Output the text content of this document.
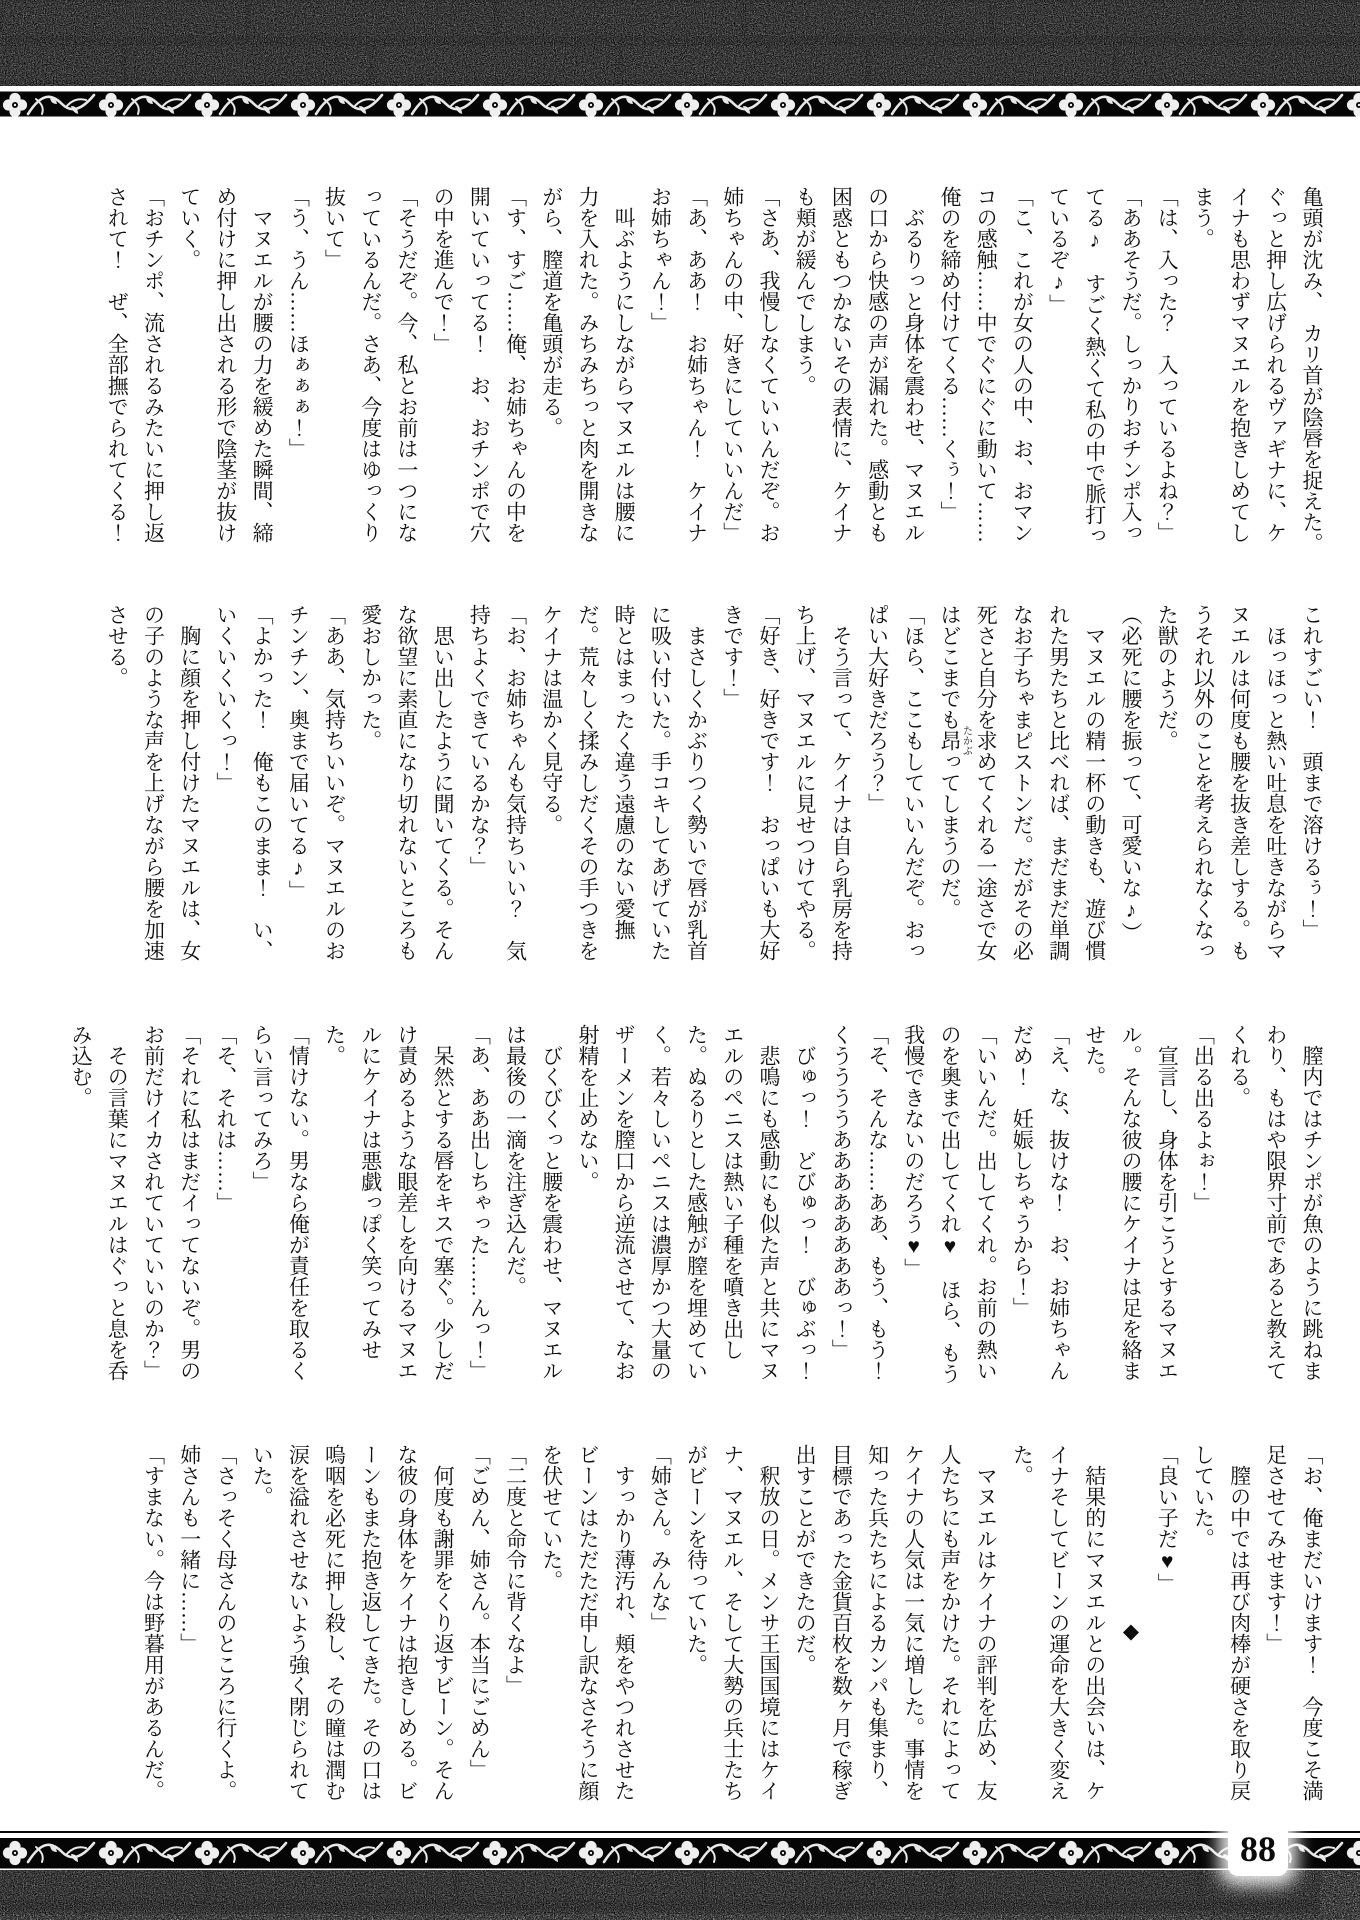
亀頭が沈み、　カリ首が陰唇を捉えた。ぐっと押し広げられるヴァギナに、ケイナも思わずマヌエルを抱きしめてしまう。

「は、入った？　入っているよね？」

「ああそうだ。しっかりおチンポ入ってる♪　すごく熱くて私の中で脈打っているぞ♪」

「こ、これが女の人の中、お、おマンコの感触……中でぐにぐに動いて……俺のを締め付けてくる……くぅ！」

　ぶるりっと身体を震わせ、マヌエルの口から快感の声が漏れた。感動とも困惑ともつかないその表情に、ケイナも頬が緩んでしまう。

「さあ、我慢しなくていいんだぞ。お姉ちゃんの中、好きにしていいんだ」

「あ、ああ！　お姉ちゃん！　ケイナお姉ちゃん！」

　叫ぶようにしながらマヌエルは腰に力を入れた。みちみちっと肉を開きながら、膣道を亀頭が走る。

「す、すご……俺、お姉ちゃんの中を開いていってる！　お、おチンポで穴の中を進んで！」

「そうだぞ。今、私とお前は一つになっているんだ。さあ、今度はゆっくり抜いて」

「う、うん……ほぁぁぁ！」

　マヌエルが腰の力を緩めた瞬間、締め付けに押し出される形で陰茎が抜けていく。

「おチンポ、流されるみたいに押し返されて！　ぜ、全部撫でられてくる！

これすごい！　頭まで溶けるぅ！」

　ほっほっと熱い吐息を吐きながらマヌエルは何度も腰を抜き差しする。もうそれ以外のことを考えられなくなった獣のようだ。

（必死に腰を振って、可愛いな♪）

　マヌエルの精一杯の動きも、遊び慣れた男たちと比べれば、まだまだ単調なお子ちゃまピストンだ。だがその必死さと自分を求めてくれる一途さで女はどこまでも昂たかぶってしまうのだ。

「ほら、ここもしていいんだぞ。おっぱい大好きだろう？」

　そう言って、ケイナは自ら乳房を持ち上げ、マヌエルに見せつけてやる。

「好き、好きです！　おっぱいも大好きです！」

　まさしくかぶりつく勢いで唇が乳首に吸い付いた。手コキしてあげていた時とはまったく違う遠慮のない愛撫だ。荒々しく揉みしだくその手つきをケイナは温かく見守る。

「お、お姉ちゃんも気持ちいい？　気持ちよくできているかな？」

　思い出したように聞いてくる。そんな欲望に素直になり切れないところも愛おしかった。

「ああ、気持ちいいぞ。マヌエルのおチンチン、奥まで届いてる♪」

「よかった！　俺もこのまま！　い、いくいくいくっ！」

　胸に顔を押し付けたマヌエルは、女の子のような声を上げながら腰を加速させる。

　膣内ではチンポが魚のように跳ねまわり、もはや限界寸前であると教えてくれる。

「出る出るよぉ！」

　宣言し、身体を引こうとするマヌエル。そんな彼の腰にケイナは足を絡ませた。

「え、な、抜けな！　お、お姉ちゃんだめ！　妊娠しちゃうから！」

「いいんだ。出してくれ。お前の熱いのを奥まで出してくれ♥　ほら、もう我慢できないのだろう♥」

「そ、そんな……ああ、もう、もう！　くううううああああああああっ！」

　びゅっ！　どびゅっ！　びゅぶっ！

　悲鳴にも感動にも似た声と共にマヌエルのペニスは熱い子種を噴き出した。ぬるりとした感触が膣を埋めていく。若々しいペニスは濃厚かつ大量のザーメンを膣口から逆流させて、なお射精を止めない。

　びくびくっと腰を震わせ、マヌエルは最後の一滴を注ぎ込んだ。

「あ、ああ出しちゃった……んっ！」

　呆然とする唇をキスで塞ぐ。少しだけ責めるような眼差しを向けるマヌエルにケイナは悪戯っぽく笑ってみせた。

「情けない。男なら俺が責任を取るくらい言ってみろ」

「そ、それは……」

「それに私はまだイってないぞ。男のお前だけイカされていていいのか？」

　その言葉にマヌエルはぐっと息を呑み込む。

「お、俺まだいけます！　今度こそ満足させてみせます！」

　膣の中では再び肉棒が硬さを取り戻していた。

「良い子だ♥」

◆

　結果的にマヌエルとの出会いは、ケイナそしてビーンの運命を大きく変えた。

　マヌエルはケイナの評判を広め、友人たちにも声をかけた。それによってケイナの人気は一気に増した。事情を知った兵たちによるカンパも集まり、目標であった金貨百枚を数ヶ月で稼ぎ出すことができたのだ。

　釈放の日。メンサ王国国境にはケイナ、マヌエル、そして大勢の兵士たちがビーンを待っていた。

「姉さん。みんな」

　すっかり薄汚れ、頬をやつれさせたビーンはただただ申し訳なさそうに顔を伏せていた。

「二度と命令に背くなよ」

「ごめん、姉さん。本当にごめん」

　何度も謝罪をくり返すビーン。そんな彼の身体をケイナは抱きしめる。ビーンもまた抱き返してきた。その口は嗚咽を必死に押し殺し、その瞳は潤む涙を溢れさせないよう強く閉じられていた。

「さっそく母さんのところに行くよ。姉さんも一緒に……」

「すまない。今は野暮用があるんだ。

88
